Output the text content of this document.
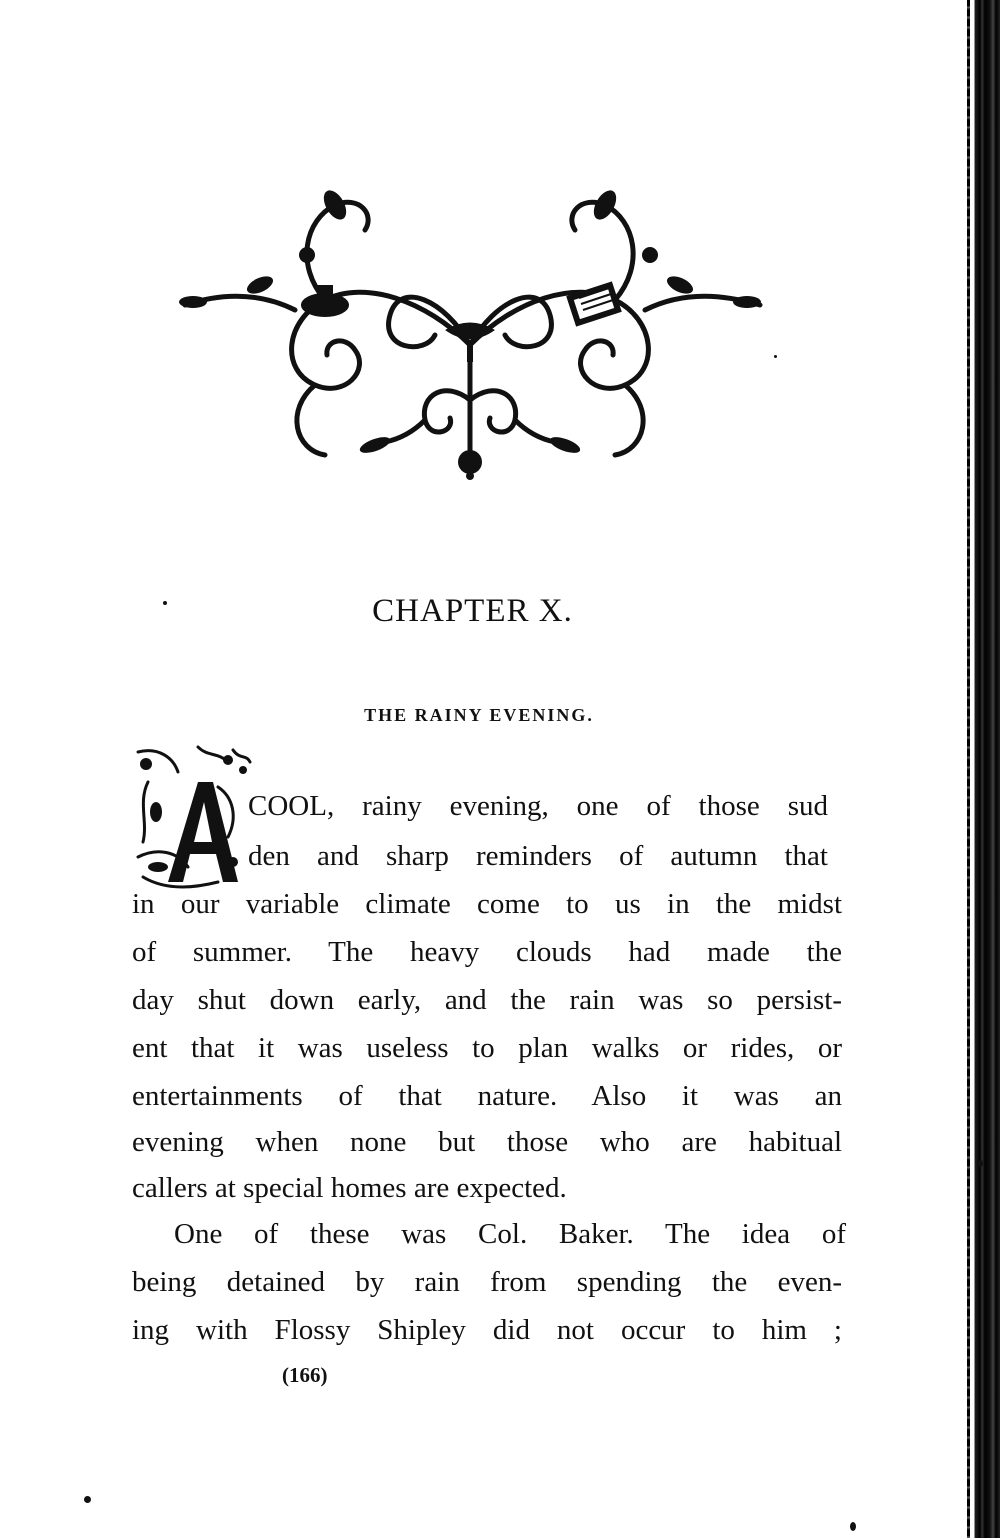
CHAPTER X.
THE RAINY EVENING.
COOL, rainy evening, one of those sud
den and sharp reminders of autumn that
in our variable climate come to us in the midst
of summer. The heavy clouds had made the
day shut down early, and the rain was so persist-
ent that it was useless to plan walks or rides, or
entertainments of that nature. Also it was an
evening when none but those who are habitual
callers at special homes are expected.
One of these was Col. Baker. The idea of
being detained by rain from spending the even-
ing with Flossy Shipley did not occur to him ;
(166)
